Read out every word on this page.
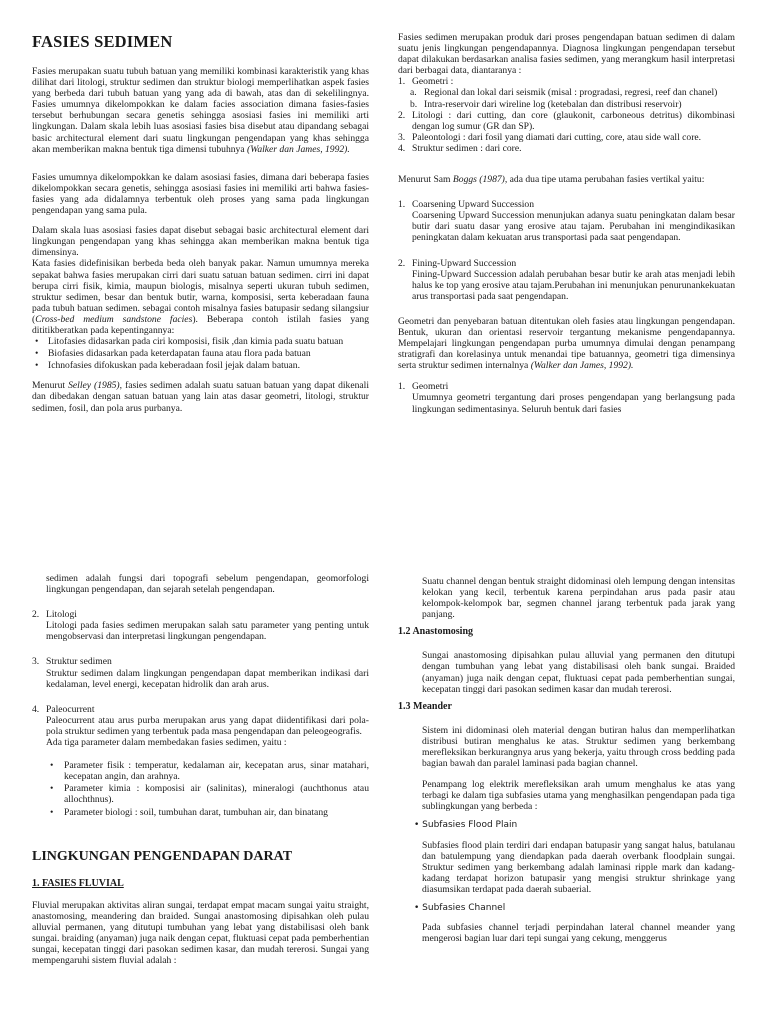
FASIES SEDIMEN

Fasies merupakan suatu tubuh batuan yang memiliki kombinasi karakteristik yang khas dilihat dari litologi, struktur sedimen dan struktur biologi memperlihatkan aspek fasies yang berbeda dari tubuh batuan yang yang ada di bawah, atas dan di sekelilingnya. Fasies umumnya dikelompokkan ke dalam facies association dimana fasies-fasies tersebut berhubungan secara genetis sehingga asosiasi fasies ini memiliki arti lingkungan. Dalam skala lebih luas asosiasi fasies bisa disebut atau dipandang sebagai basic architectural element dari suatu lingkungan pengendapan yang khas sehingga akan memberikan makna bentuk tiga dimensi tubuhnya (Walker dan James, 1992).

Fasies umumnya dikelompokkan ke dalam asosiasi fasies, dimana dari beberapa fasies dikelompokkan secara genetis, sehingga asosiasi fasies ini memiliki arti bahwa fasies-fasies yang ada didalamnya terbentuk oleh proses yang sama pada lingkungan pengendapan yang sama pula.

Dalam skala luas asosiasi fasies dapat disebut sebagai basic architectural element dari lingkungan pengendapan yang khas sehingga akan memberikan makna bentuk tiga dimensinya.

Kata fasies didefinisikan berbeda beda oleh banyak pakar. Namun umumnya mereka sepakat bahwa fasies merupakan cirri dari suatu satuan batuan sedimen. cirri ini dapat berupa cirri fisik, kimia, maupun biologis, misalnya seperti ukuran tubuh sedimen, struktur sedimen, besar dan bentuk butir, warna, komposisi, serta keberadaan fauna pada tubuh batuan sedimen. sebagai contoh misalnya fasies batupasir sedang silangsiur (Cross-bed medium sandstone facies). Beberapa contoh istilah fasies yang dititikberatkan pada kepentingannya:

• Litofasies didasarkan pada ciri komposisi, fisik ,dan kimia pada suatu batuan
• Biofasies didasarkan pada keterdapatan fauna atau flora pada batuan
• Ichnofasies difokuskan pada keberadaan fosil jejak dalam batuan.

Menurut Selley (1985), fasies sedimen adalah suatu satuan batuan yang dapat dikenali dan dibedakan dengan satuan batuan yang lain atas dasar geometri, litologi, struktur sedimen, fosil, dan pola arus purbanya.

Fasies sedimen merupakan produk dari proses pengendapan batuan sedimen di dalam suatu jenis lingkungan pengendapannya. Diagnosa lingkungan pengendapan tersebut dapat dilakukan berdasarkan analisa fasies sedimen, yang merangkum hasil interpretasi dari berbagai data, diantaranya :

1. Geometri :
a. Regional dan lokal dari seismik (misal : progradasi, regresi, reef dan chanel)
b. Intra-reservoir dari wireline log (ketebalan dan distribusi reservoir)
2. Litologi : dari cutting, dan core (glaukonit, carboneous detritus) dikombinasi dengan log sumur (GR dan SP).
3. Paleontologi : dari fosil yang diamati dari cutting, core, atau side wall core.
4. Struktur sedimen : dari core.

Menurut Sam Boggs (1987), ada dua tipe utama perubahan fasies vertikal yaitu:

1. Coarsening Upward Succession

Coarsening Upward Succession menunjukan adanya suatu peningkatan dalam besar butir dari suatu dasar yang erosive atau tajam. Perubahan ini mengindikasikan peningkatan dalam kekuatan arus transportasi pada saat pengendapan.

2. Fining-Upward Succession

Fining-Upward Succession adalah perubahan besar butir ke arah atas menjadi lebih halus ke top yang erosive atau tajam.Perubahan ini menunjukan penurunankekuatan arus transportasi pada saat pengendapan.

Geometri dan penyebaran batuan ditentukan oleh fasies atau lingkungan pengendapan. Bentuk, ukuran dan orientasi reservoir tergantung mekanisme pengendapannya. Mempelajari lingkungan pengendapan purba umumnya dimulai dengan penampang stratigrafi dan korelasinya untuk menandai tipe batuannya, geometri tiga dimensinya serta struktur sedimen internalnya (Walker dan James, 1992).

1. Geometri

Umumnya geometri tergantung dari proses pengendapan yang berlangsung pada lingkungan sedimentasinya. Seluruh bentuk dari fasies

sedimen adalah fungsi dari topografi sebelum pengendapan, geomorfologi lingkungan pengendapan, dan sejarah setelah pengendapan.

2. Litologi

Litologi pada fasies sedimen merupakan salah satu parameter yang penting untuk mengobservasi dan interpretasi lingkungan pengendapan.

3. Struktur sedimen

Struktur sedimen dalam lingkungan pengendapan dapat memberikan indikasi dari kedalaman, level energi, kecepatan hidrolik dan arah arus.

4. Paleocurrent

Paleocurrent atau arus purba merupakan arus yang dapat diidentifikasi dari pola-pola struktur sedimen yang terbentuk pada masa pengendapan dan peleogeografis.

Ada tiga parameter dalam membedakan fasies sedimen, yaitu :

• Parameter fisik : temperatur, kedalaman air, kecepatan arus, sinar matahari, kecepatan angin, dan arahnya.
• Parameter kimia : komposisi air (salinitas), mineralogi (auchthonus atau allochthnus).
• Parameter biologi : soil, tumbuhan darat, tumbuhan air, dan binatang
LINGKUNGAN PENGENDAPAN DARAT
1. FASIES FLUVIAL

Fluvial merupakan aktivitas aliran sungai, terdapat empat macam sungai yaitu straight, anastomosing, meandering dan braided. Sungai anastomosing dipisahkan oleh pulau alluvial permanen, yang ditutupi tumbuhan yang lebat yang distabilisasi oleh bank sungai. braiding (anyaman) juga naik dengan cepat, fluktuasi cepat pada pemberhentian sungai, kecepatan tinggi dari pasokan sedimen kasar, dan mudah tererosi. Sungai yang mempengaruhi sistem fluvial adalah :

Suatu channel dengan bentuk straight didominasi oleh lempung dengan intensitas kelokan yang kecil, terbentuk karena perpindahan arus pada pasir atau kelompok-kelompok bar, segmen channel jarang terbentuk pada jarak yang panjang.

1.2 Anastomosing

Sungai anastomosing dipisahkan pulau alluvial yang permanen den ditutupi dengan tumbuhan yang lebat yang distabilisasi oleh bank sungai. Braided (anyaman) juga naik dengan cepat, fluktuasi cepat pada pemberhentian sungai, kecepatan tinggi dari pasokan sedimen kasar dan mudah tererosi.

1.3 Meander

Sistem ini didominasi oleh material dengan butiran halus dan memperlihatkan distribusi butiran menghalus ke atas. Struktur sedimen yang berkembang merefleksikan berkurangnya arus yang bekerja, yaitu through cross bedding pada bagian bawah dan paralel laminasi pada bagian channel.

Penampang log elektrik merefleksikan arah umum menghalus ke atas yang terbagi ke dalam tiga subfasies utama yang menghasilkan pengendapan pada tiga sublingkungan yang berbeda :

• Subfasies Flood Plain

Subfasies flood plain terdiri dari endapan batupasir yang sangat halus, batulanau dan batulempung yang diendapkan pada daerah overbank floodplain sungai. Struktur sedimen yang berkembang adalah laminasi ripple mark dan kadang-kadang terdapat horizon batupasir yang mengisi struktur shrinkage yang diasumsikan terdapat pada daerah subaerial.

• Subfasies Channel

Pada subfasies channel terjadi perpindahan lateral channel meander yang mengerosi bagian luar dari tepi sungai yang cekung, menggerus
